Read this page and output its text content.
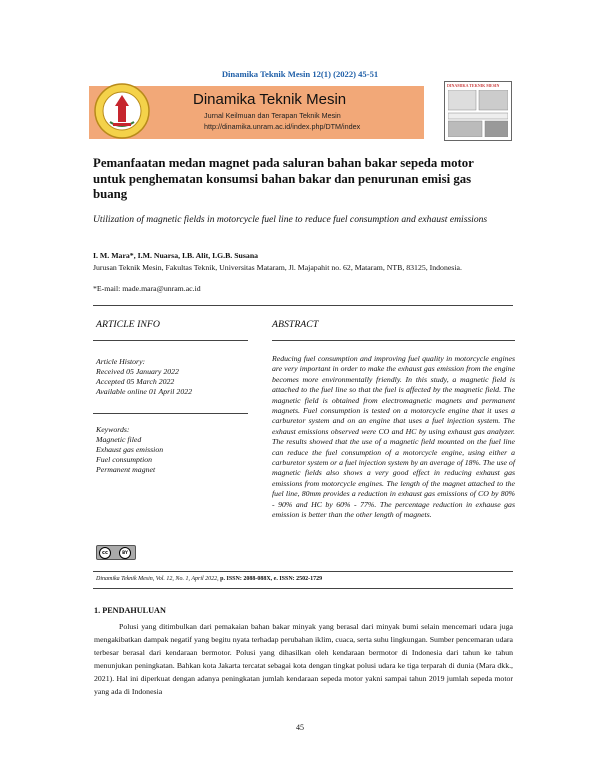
Dinamika Teknik Mesin 12(1) (2022) 45-51
Dinamika Teknik Mesin
Jurnal Keilmuan dan Terapan Teknik Mesin
http://dinamika.unram.ac.id/index.php/DTM/index
DINAMIKA TEKNIK MESIN
Pemanfaatan medan magnet pada saluran bahan bakar sepeda motor untuk penghematan konsumsi bahan bakar dan penurunan emisi gas buang
Utilization of magnetic fields in motorcycle fuel line to reduce fuel consumption and exhaust emissions
I. M. Mara*, I.M. Nuarsa, I.B. Alit, I.G.B. Susana
Jurusan Teknik Mesin, Fakultas Teknik, Universitas Mataram, Jl. Majapahit no. 62, Mataram, NTB, 83125, Indonesia.
*E-mail: made.mara@unram.ac.id
ARTICLE INFO	ABSTRACT
Article History:
Received 05 January 2022
Accepted 05 March 2022
Available online 01 April 2022
Keywords:
Magnetic filed
Exhaust gas emission
Fuel consumption
Permanent magnet
cc	BY
Reducing fuel consumption and improving fuel quality in motorcycle engines are very important in order to make the exhaust gas emission from the engine becomes more environmentally friendly. In this study, a magnetic field is attached to the fuel line so that the fuel is affected by the magnetic field. The magnetic field is obtained from electromagnetic magnets and permanent magnets. Fuel consumption is tested on a motorcycle engine that it uses a carburetor system and on an engine that uses a fuel injection system. The exhaust emissions observed were CO and HC by using exhaust gas analyzer. The results showed that the use of a magnetic field mounted on the fuel line can reduce the fuel consumption of a motorcycle engine, using either a carburetor system or a fuel injection system by an average of 18%. The use of magnetic fields also shows a very good effect in reducing exhaust gas emissions from motorcycle engines. The length of the magnet attached to the fuel line, 80mm provides a reduction in exhaust gas emissions of CO by 80% - 90% and HC by 60% - 77%. The percentage reduction in exhause gas emission is better than the other length of magnets.
Dinamika Teknik Mesin, Vol. 12, No. 1, April 2022, p. ISSN: 2088-088X, e. ISSN: 2502-1729
1. PENDAHULUAN

Polusi yang ditimbulkan dari pemakaian bahan bakar minyak yang berasal dari minyak bumi selain mencemari udara juga mengakibatkan dampak negatif yang begitu nyata terhadap perubahan iklim, cuaca, serta suhu lingkungan. Sumber pencemaran udara terbesar berasal dari kendaraan bermotor. Polusi yang dihasilkan oleh kendaraan bermotor di Indonesia dari tahun ke tahun menunjukan peningkatan. Bahkan kota Jakarta tercatat sebagai kota dengan tingkat polusi udara ke tiga terparah di dunia (Mara dkk., 2021). Hal ini diperkuat dengan adanya peningkatan jumlah kendaraan sepeda motor yakni sampai tahun 2019 jumlah sepeda motor yang ada di Indonesia

45
